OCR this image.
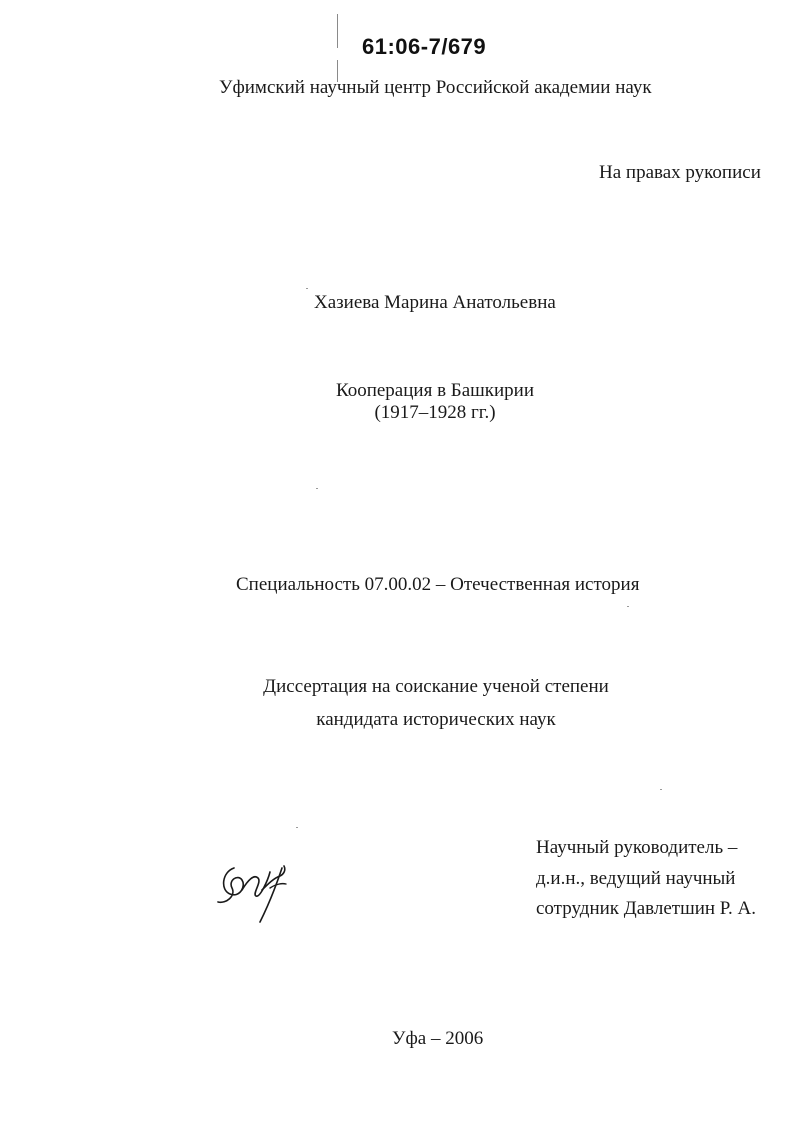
61:06-7/679
Уфимский научный центр Российской академии наук
На правах рукописи
Хазиева Марина Анатольевна
Кооперация в Башкирии
(1917–1928 гг.)
Специальность 07.00.02 – Отечественная история
Диссертация на соискание ученой степени
кандидата исторических наук
Научный руководитель –
д.и.н., ведущий научный
сотрудник Давлетшин Р. А.
Уфа – 2006
